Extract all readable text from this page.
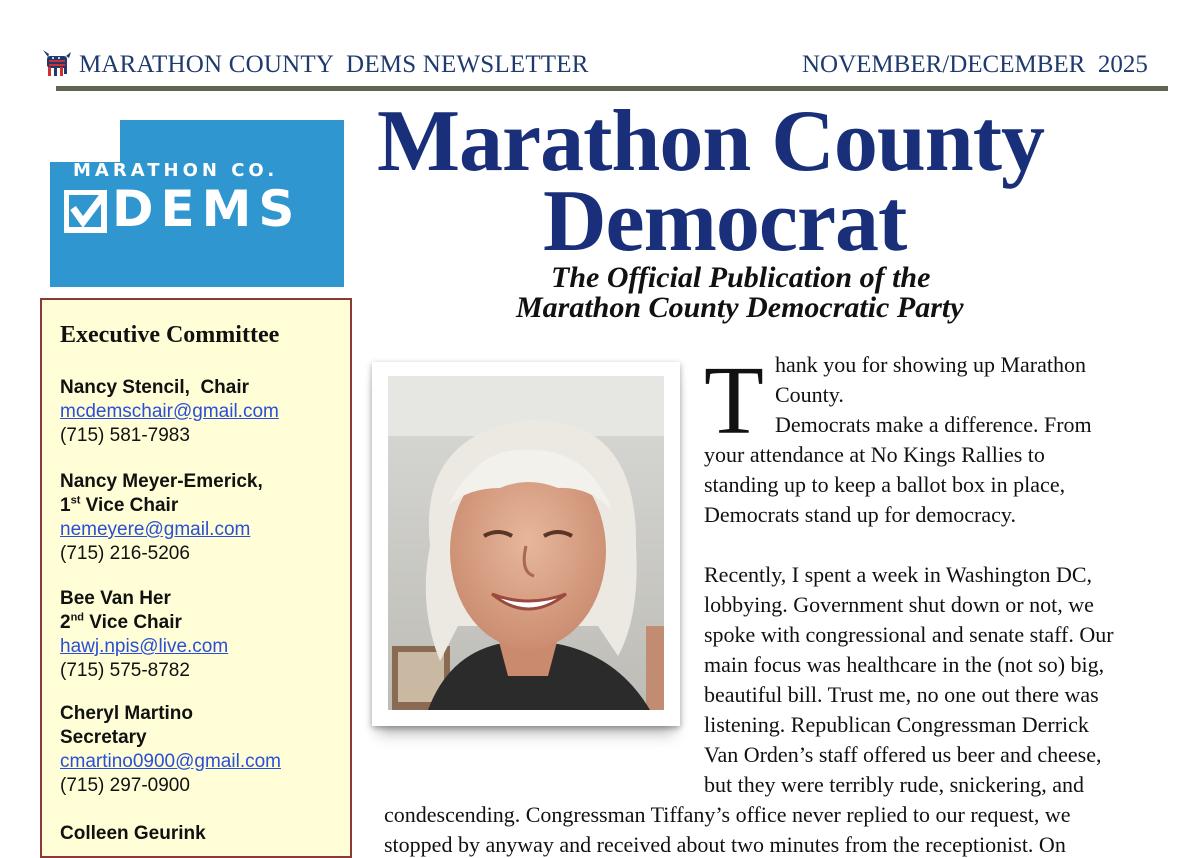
MARATHON COUNTY  DEMS NEWSLETTER	NOVEMBER/DECEMBER  2025
MARATHON CO.
DEMS
Marathon County
Democrat
The Official Publication of the
Marathon County Democratic Party
Executive Committee
Nancy Stencil,  Chair
mcdemschair@gmail.com
(715) 581-7983
Nancy Meyer-Emerick,
1st Vice Chair
nemeyere@gmail.com
(715) 216-5206
Bee Van Her
2nd Vice Chair
hawj.npis@live.com
(715) 575-8782
Cheryl Martino
Secretary
cmartino0900@gmail.com
(715) 297-0900
Colleen Geurink
T hank you for showing up Marathon
County.
Democrats make a difference. From
your attendance at No Kings Rallies to
standing up to keep a ballot box in place,
Democrats stand up for democracy.
Recently, I spent a week in Washington DC,
lobbying. Government shut down or not, we
spoke with congressional and senate staff. Our
main focus was healthcare in the (not so) big,
beautiful bill. Trust me, no one out there was
listening. Republican Congressman Derrick
Van Orden’s staff offered us beer and cheese,
but they were terribly rude, snickering, and
condescending. Congressman Tiffany’s office never replied to our request, we
stopped by anyway and received about two minutes from the receptionist. On
